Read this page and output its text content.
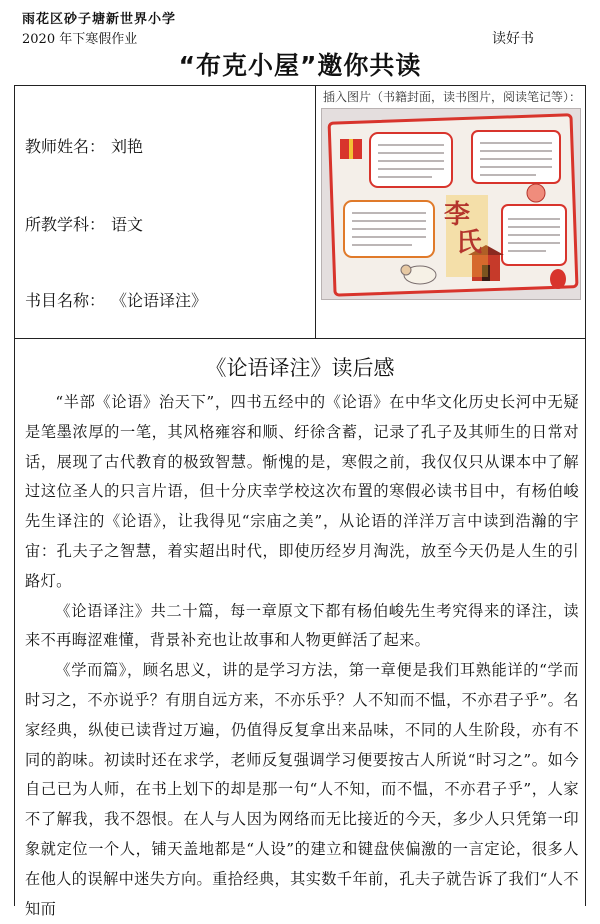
雨花区砂子塘新世界小学
2020 年下寒假作业	读好书
“布克小屋”邀你共读
教师姓名： 刘艳
所教学科： 语文
书目名称： 《论语译注》
插入图片（书籍封面，读书图片，阅读笔记等）：
李
氏
《论语译注》读后感

“半部《论语》治天下”，四书五经中的《论语》在中华文化历史长河中无疑是笔墨浓厚的一笔，其风格雍容和顺、纡徐含蓄，记录了孔子及其师生的日常对话，展现了古代教育的极致智慧。惭愧的是，寒假之前，我仅仅只从课本中了解过这位圣人的只言片语，但十分庆幸学校这次布置的寒假必读书目中，有杨伯峻先生译注的《论语》，让我得见“宗庙之美”，从论语的洋洋万言中读到浩瀚的宇宙：孔夫子之智慧，着实超出时代，即使历经岁月淘洗，放至今天仍是人生的引路灯。

《论语译注》共二十篇，每一章原文下都有杨伯峻先生考究得来的译注，读来不再晦涩难懂，背景补充也让故事和人物更鲜活了起来。

《学而篇》，顾名思义，讲的是学习方法，第一章便是我们耳熟能详的“学而时习之，不亦说乎？有朋自远方来，不亦乐乎？人不知而不愠，不亦君子乎”。名家经典，纵使已读背过万遍，仍值得反复拿出来品味，不同的人生阶段，亦有不同的韵味。初读时还在求学，老师反复强调学习便要按古人所说“时习之”。如今自己已为人师，在书上划下的却是那一句“人不知，而不愠，不亦君子乎”，人家不了解我，我不怨恨。在人与人因为网络而无比接近的今天，多少人只凭第一印象就定位一个人，铺天盖地都是“人设”的建立和键盘侠偏激的一言定论，很多人在他人的误解中迷失方向。重拾经典，其实数千年前，孔夫子就告诉了我们“人不知而
